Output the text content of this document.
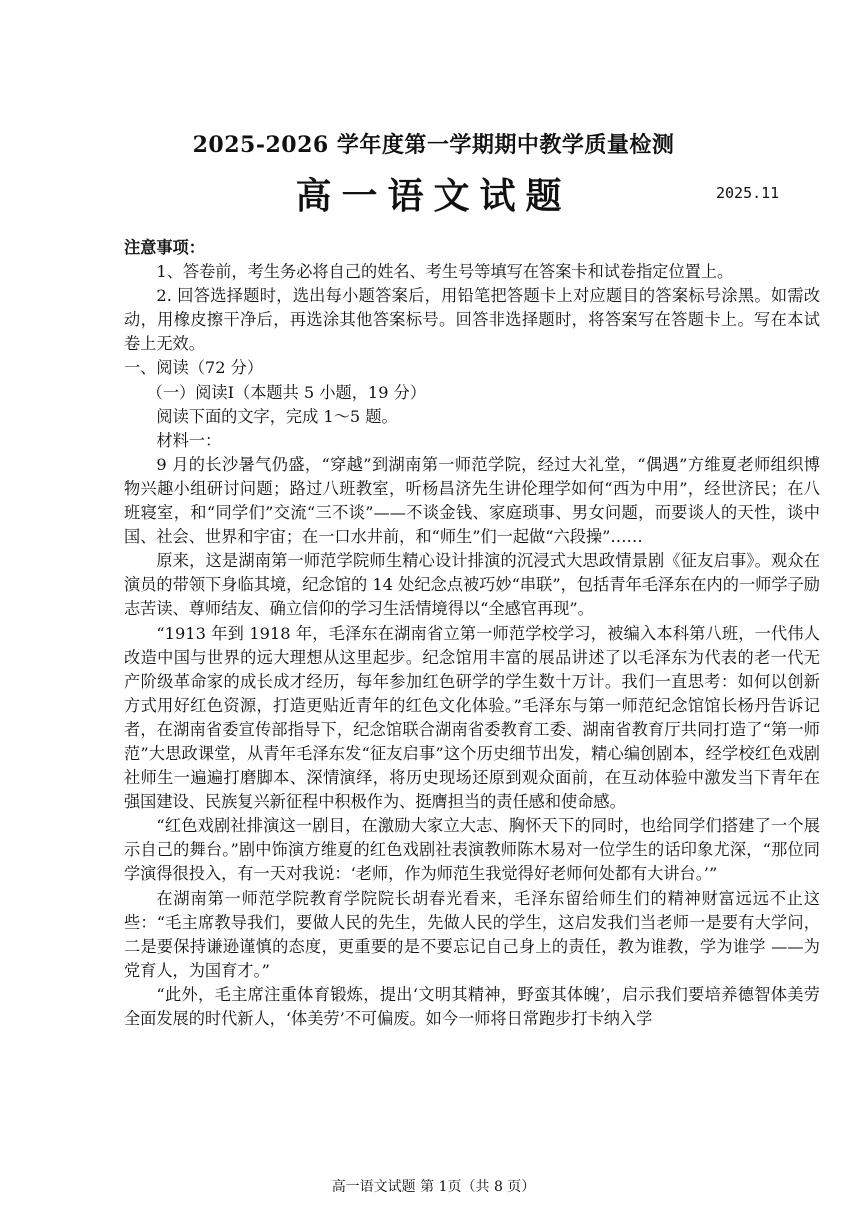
2025-2026 学年度第一学期期中教学质量检测
高一语文试题	2025.11

注意事项：

1、答卷前，考生务必将自己的姓名、考生号等填写在答案卡和试卷指定位置上。

2. 回答选择题时，选出每小题答案后，用铅笔把答题卡上对应题目的答案标号涂黑。如需改动，用橡皮擦干净后，再选涂其他答案标号。回答非选择题时，将答案写在答题卡上。写在本试卷上无效。

一、阅读（72 分）

（一）阅读Ⅰ（本题共 5 小题，19 分）

阅读下面的文字，完成 1～5 题。

材料一：

9 月的长沙暑气仍盛，“穿越”到湖南第一师范学院，经过大礼堂，“偶遇”方维夏老师组织博物兴趣小组研讨问题；路过八班教室，听杨昌济先生讲伦理学如何“西为中用”，经世济民；在八班寝室，和“同学们”交流“三不谈”——不谈金钱、家庭琐事、男女问题，而要谈人的天性，谈中国、社会、世界和宇宙；在一口水井前，和“师生”们一起做“六段操”……

原来，这是湖南第一师范学院师生精心设计排演的沉浸式大思政情景剧《征友启事》。观众在演员的带领下身临其境，纪念馆的 14 处纪念点被巧妙“串联”，包括青年毛泽东在内的一师学子励志苦读、尊师结友、确立信仰的学习生活情境得以“全感官再现”。

“1913 年到 1918 年，毛泽东在湖南省立第一师范学校学习，被编入本科第八班，一代伟人改造中国与世界的远大理想从这里起步。纪念馆用丰富的展品讲述了以毛泽东为代表的老一代无产阶级革命家的成长成才经历，每年参加红色研学的学生数十万计。我们一直思考：如何以创新方式用好红色资源，打造更贴近青年的红色文化体验。”毛泽东与第一师范纪念馆馆长杨丹告诉记者，在湖南省委宣传部指导下，纪念馆联合湖南省委教育工委、湖南省教育厅共同打造了“第一师范”大思政课堂，从青年毛泽东发“征友启事”这个历史细节出发，精心编创剧本，经学校红色戏剧社师生一遍遍打磨脚本、深情演绎，将历史现场还原到观众面前，在互动体验中激发当下青年在强国建设、民族复兴新征程中积极作为、挺膺担当的责任感和使命感。

“红色戏剧社排演这一剧目，在激励大家立大志、胸怀天下的同时，也给同学们搭建了一个展示自己的舞台。”剧中饰演方维夏的红色戏剧社表演教师陈木易对一位学生的话印象尤深，“那位同学演得很投入，有一天对我说：‘老师，作为师范生我觉得好老师何处都有大讲台。’”

在湖南第一师范学院教育学院院长胡春光看来，毛泽东留给师生们的精神财富远远不止这些：“毛主席教导我们，要做人民的先生，先做人民的学生，这启发我们当老师一是要有大学问，二是要保持谦逊谨慎的态度，更重要的是不要忘记自己身上的责任，教为谁教，学为谁学 ——为党育人，为国育才。”

“此外，毛主席注重体育锻炼，提出‘文明其精神，野蛮其体魄’，启示我们要培养德智体美劳全面发展的时代新人，‘体美劳’不可偏废。如今一师将日常跑步打卡纳入学

高一语文试题 第 1页（共 8 页）
